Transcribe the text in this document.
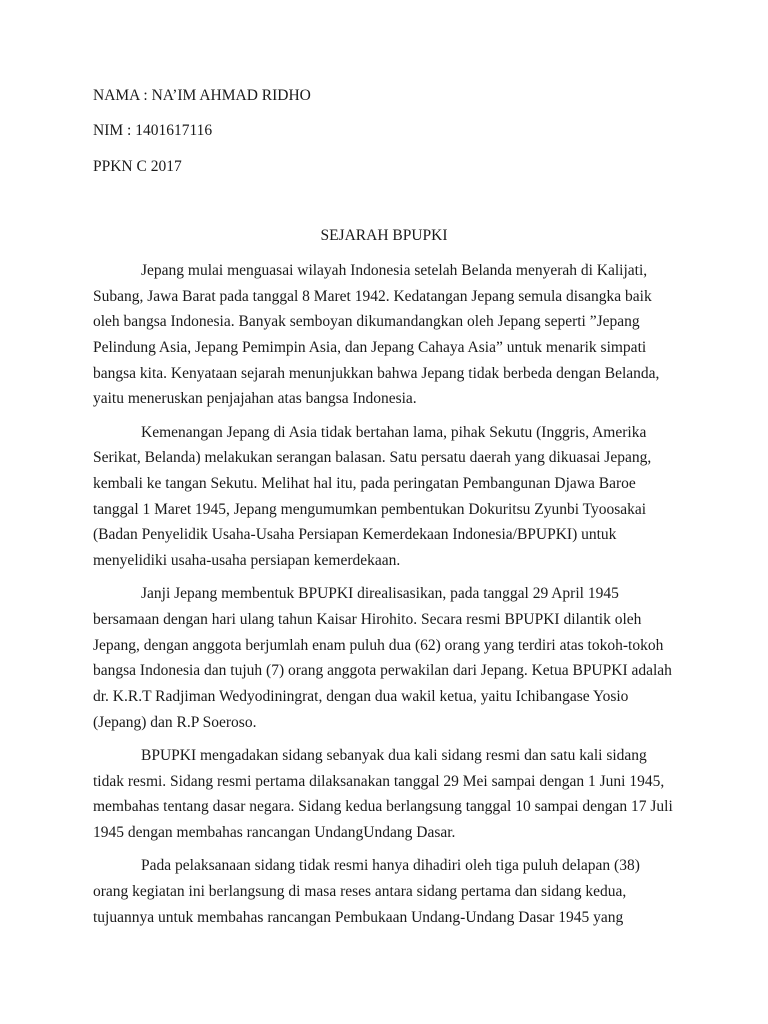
NAMA : NA’IM AHMAD RIDHO
NIM : 1401617116
PPKN C 2017
SEJARAH BPUPKI
Jepang mulai menguasai wilayah Indonesia setelah Belanda menyerah di Kalijati,
Subang, Jawa Barat pada tanggal 8 Maret 1942. Kedatangan Jepang semula disangka baik
oleh bangsa Indonesia. Banyak semboyan dikumandangkan oleh Jepang seperti ”Jepang
Pelindung Asia, Jepang Pemimpin Asia, dan Jepang Cahaya Asia” untuk menarik simpati
bangsa kita. Kenyataan sejarah menunjukkan bahwa Jepang tidak berbeda dengan Belanda,
yaitu meneruskan penjajahan atas bangsa Indonesia.
Kemenangan Jepang di Asia tidak bertahan lama, pihak Sekutu (Inggris, Amerika
Serikat, Belanda) melakukan serangan balasan. Satu persatu daerah yang dikuasai Jepang,
kembali ke tangan Sekutu. Melihat hal itu, pada peringatan Pembangunan Djawa Baroe
tanggal 1 Maret 1945, Jepang mengumumkan pembentukan Dokuritsu Zyunbi Tyoosakai
(Badan Penyelidik Usaha-Usaha Persiapan Kemerdekaan Indonesia/BPUPKI) untuk
menyelidiki usaha-usaha persiapan kemerdekaan.
Janji Jepang membentuk BPUPKI direalisasikan, pada tanggal 29 April 1945
bersamaan dengan hari ulang tahun Kaisar Hirohito. Secara resmi BPUPKI dilantik oleh
Jepang, dengan anggota berjumlah enam puluh dua (62) orang yang terdiri atas tokoh-tokoh
bangsa Indonesia dan tujuh (7) orang anggota perwakilan dari Jepang. Ketua BPUPKI adalah
dr. K.R.T Radjiman Wedyodiningrat, dengan dua wakil ketua, yaitu Ichibangase Yosio
(Jepang) dan R.P Soeroso.
BPUPKI mengadakan sidang sebanyak dua kali sidang resmi dan satu kali sidang
tidak resmi. Sidang resmi pertama dilaksanakan tanggal 29 Mei sampai dengan 1 Juni 1945,
membahas tentang dasar negara. Sidang kedua berlangsung tanggal 10 sampai dengan 17 Juli
1945 dengan membahas rancangan UndangUndang Dasar.
Pada pelaksanaan sidang tidak resmi hanya dihadiri oleh tiga puluh delapan (38)
orang kegiatan ini berlangsung di masa reses antara sidang pertama dan sidang kedua,
tujuannya untuk membahas rancangan Pembukaan Undang-Undang Dasar 1945 yang
